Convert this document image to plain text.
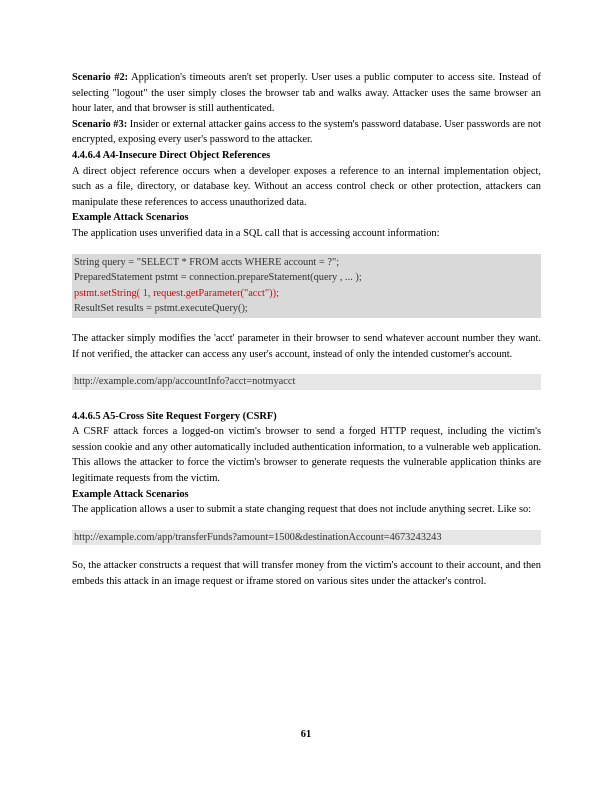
Scenario #2: Application's timeouts aren't set properly. User uses a public computer to access site. Instead of selecting "logout" the user simply closes the browser tab and walks away. Attacker uses the same browser an hour later, and that browser is still authenticated.

Scenario #3: Insider or external attacker gains access to the system's password database. User passwords are not encrypted, exposing every user's password to the attacker.

4.4.6.4 A4-Insecure Direct Object References

A direct object reference occurs when a developer exposes a reference to an internal implementation object, such as a file, directory, or database key. Without an access control check or other protection, attackers can manipulate these references to access unauthorized data.

Example Attack Scenarios

The application uses unverified data in a SQL call that is accessing account information:

String query = "SELECT * FROM accts WHERE account = ?";
PreparedStatement pstmt = connection.prepareStatement(query , ... );
pstmt.setString( 1, request.getParameter("acct"));
ResultSet results = pstmt.executeQuery();

The attacker simply modifies the 'acct' parameter in their browser to send whatever account number they want. If not verified, the attacker can access any user's account, instead of only the intended customer's account.

http://example.com/app/accountInfo?acct=notmyacct
4.4.6.5 A5-Cross Site Request Forgery (CSRF)

A CSRF attack forces a logged-on victim's browser to send a forged HTTP request, including the victim's session cookie and any other automatically included authentication information, to a vulnerable web application. This allows the attacker to force the victim's browser to generate requests the vulnerable application thinks are legitimate requests from the victim.

Example Attack Scenarios

The application allows a user to submit a state changing request that does not include anything secret. Like so:

http://example.com/app/transferFunds?amount=1500&destinationAccount=4673243243

So, the attacker constructs a request that will transfer money from the victim's account to their account, and then embeds this attack in an image request or iframe stored on various sites under the attacker's control.

61
